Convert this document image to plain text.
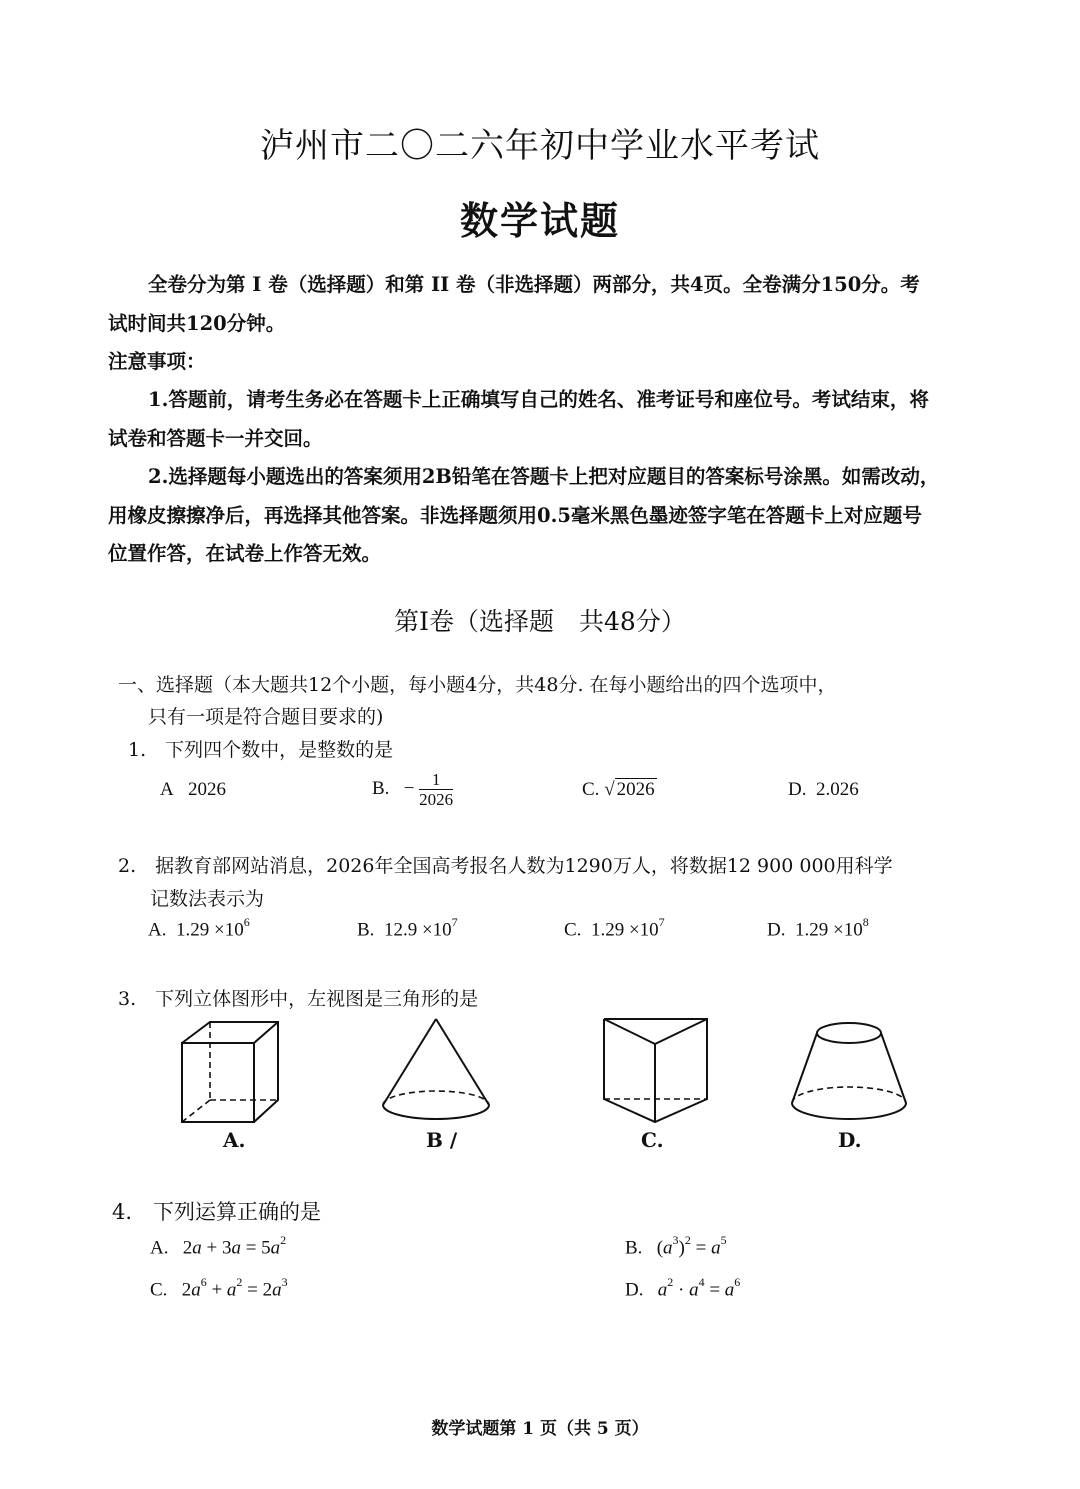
泸州市二〇二六年初中学业水平考试
数学试题
全卷分为第 I 卷（选择题）和第 II 卷（非选择题）两部分，共4页。全卷满分150分。考
试时间共120分钟。
注意事项：
1.答题前，请考生务必在答题卡上正确填写自己的姓名、准考证号和座位号。考试结束，将
试卷和答题卡一并交回。
2.选择题每小题选出的答案须用2B铅笔在答题卡上把对应题目的答案标号涂黑。如需改动，
用橡皮擦擦净后，再选择其他答案。非选择题须用0.5毫米黑色墨迹签字笔在答题卡上对应题号
位置作答，在试卷上作答无效。
第Ⅰ卷（选择题　共48分）
一、选择题（本大题共12个小题，每小题4分，共48分. 在每小题给出的四个选项中，
只有一项是符合题目要求的)
1.　下列四个数中，是整数的是
A 2026	B. − $\frac{1}{2026}$	C. √ 2026	D. 2.026
2.　据教育部网站消息，2026年全国高考报名人数为1290万人，将数据12 900 000用科学
记数法表示为
A. $1.29 \times 10^6$	B. $12.9 \times 10^7$	C. $1.29 \times 10^7$	D. $1.29 \times 10^8$
3.　下列立体图形中，左视图是三角形的是
A.	B /	C.	D.
4.　下列运算正确的是
A.   $2a + 3a = 5a^2$	B.   $(a^3)^2 = a^5$
C.   $2a^6 + a^2 = 2a^3$	D. $a^2 \cdot a^4 = a^6$
数学试题第 1 页（共 5 页）
